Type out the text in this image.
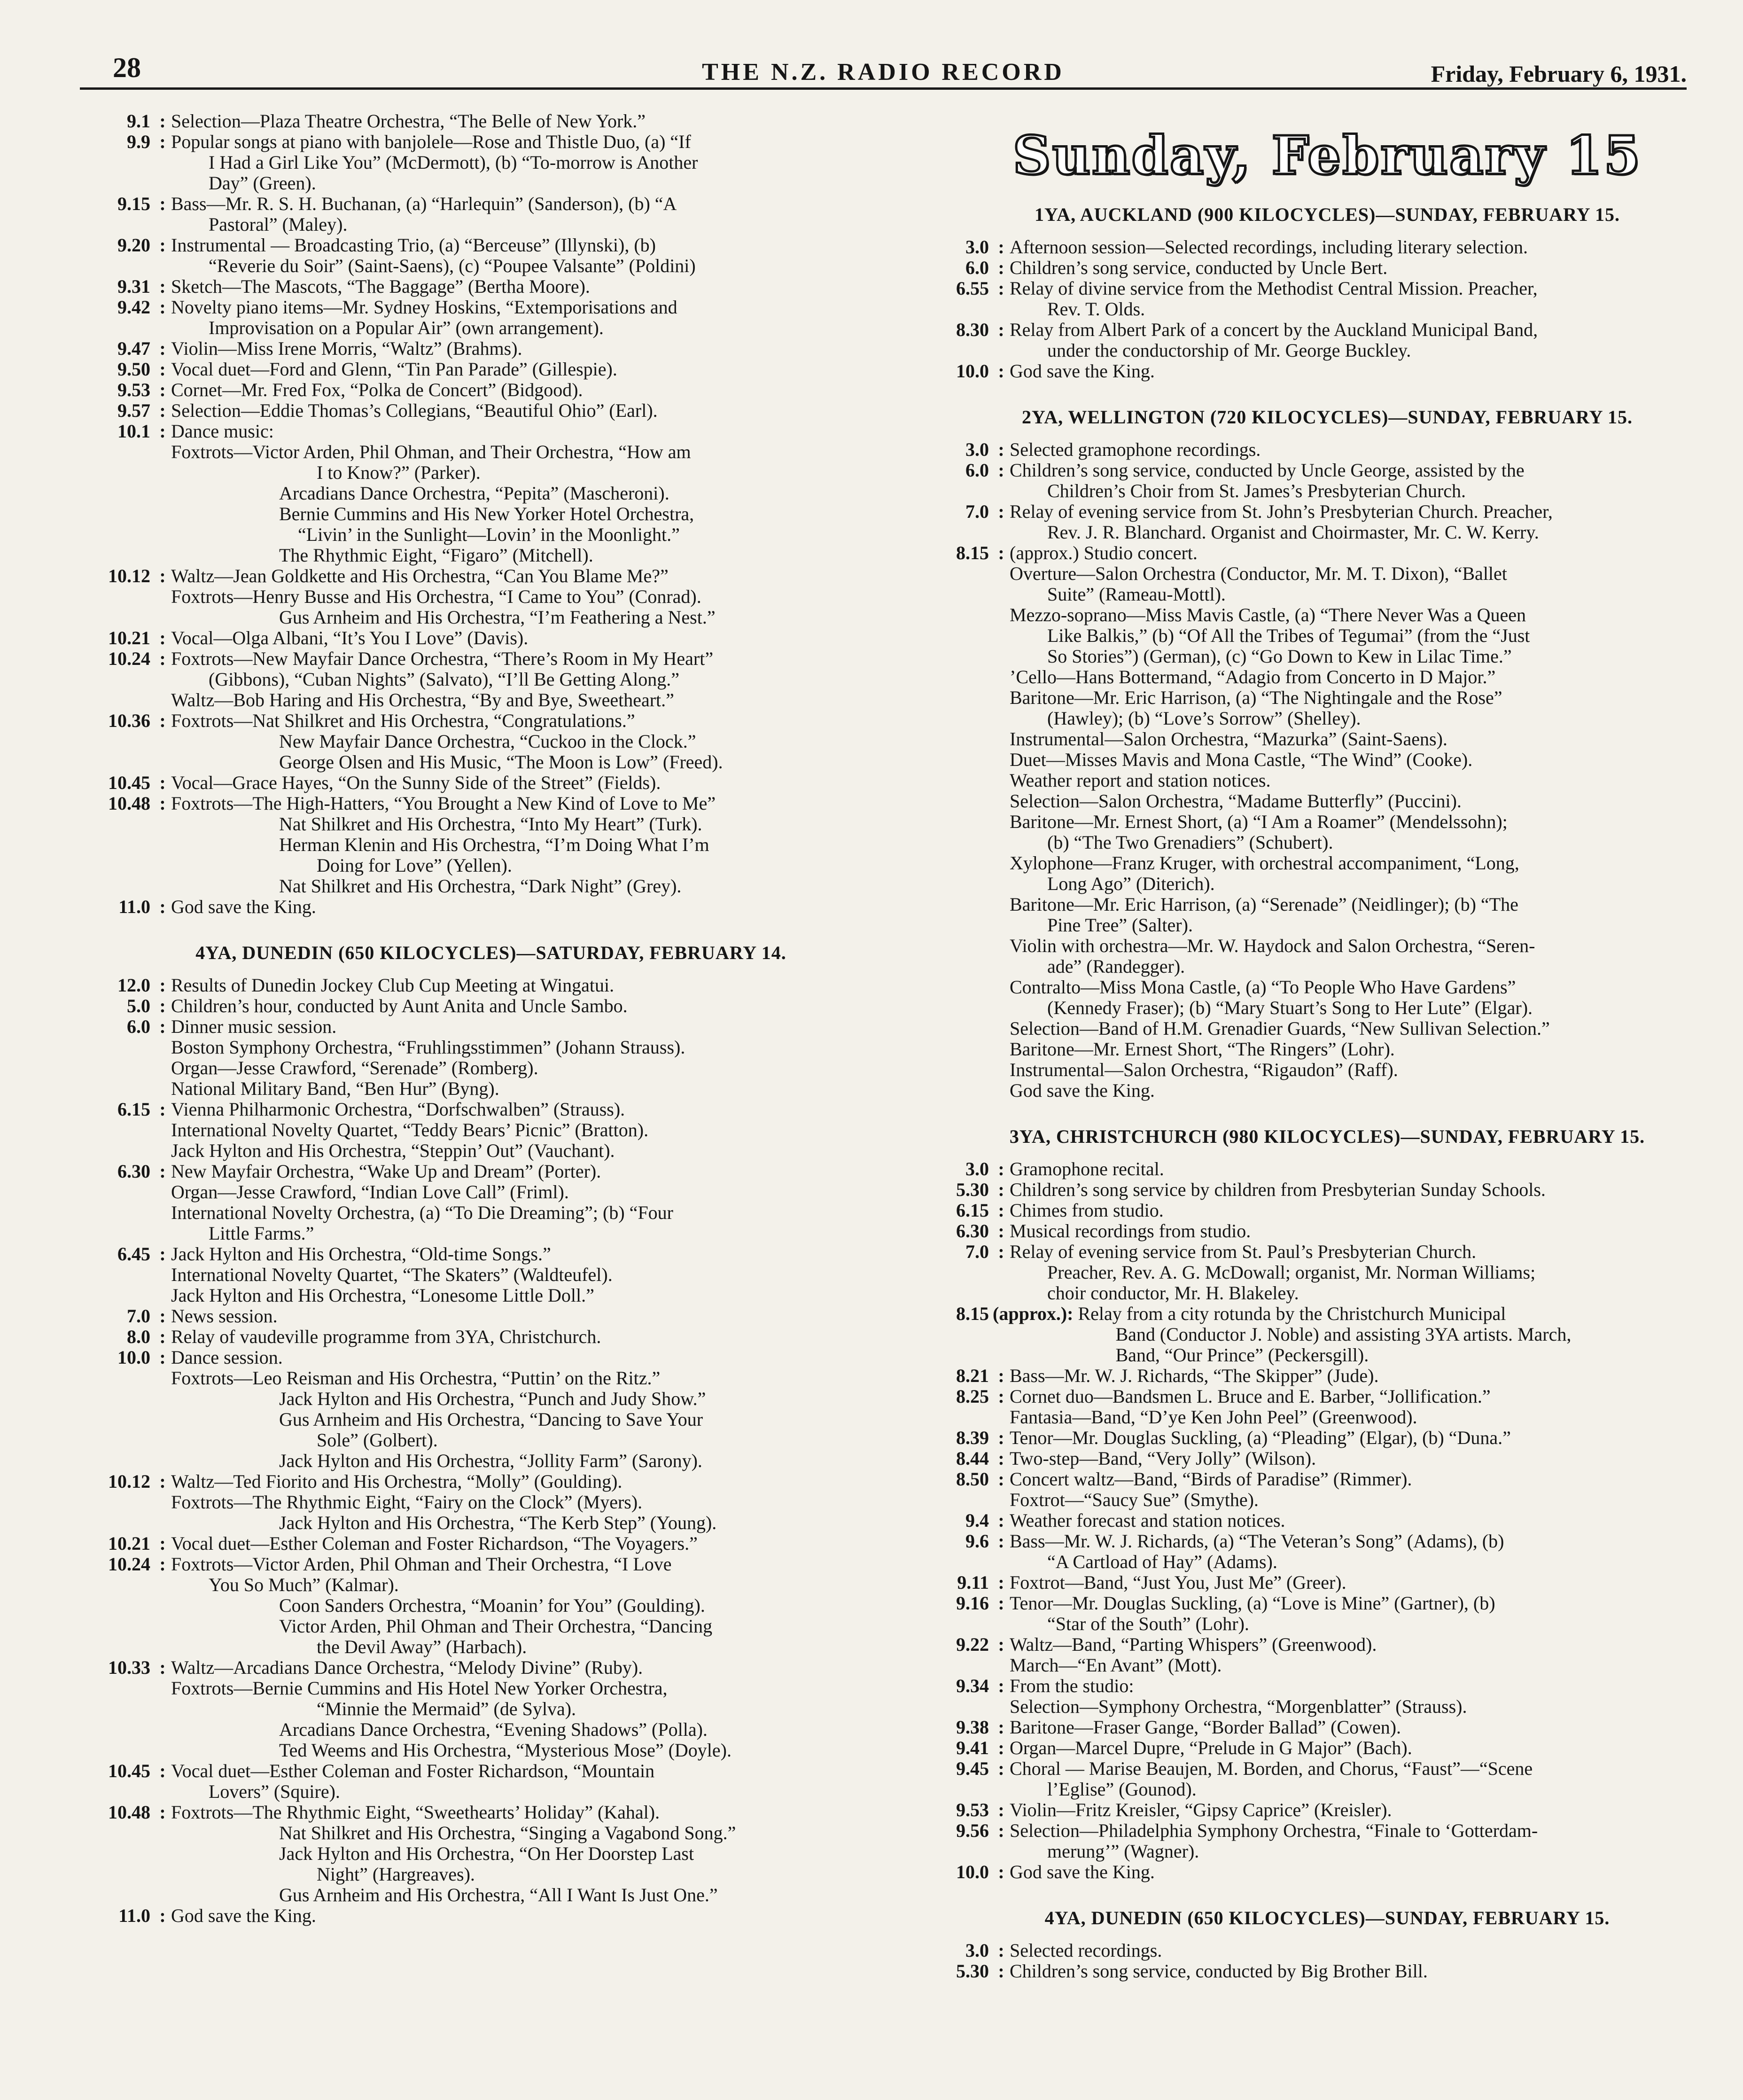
28	THE N.Z. RADIO RECORD	Friday, February 6, 1931.
9.1 : Selection—Plaza Theatre Orchestra, “The Belle of New York.”
9.9 : Popular songs at piano with banjolele—Rose and Thistle Duo, (a) “If
I Had a Girl Like You” (McDermott), (b) “To-morrow is Another
Day” (Green).
9.15 : Bass—Mr. R. S. H. Buchanan, (a) “Harlequin” (Sanderson), (b) “A
Pastoral” (Maley).
9.20 : Instrumental — Broadcasting Trio, (a) “Berceuse” (Illynski), (b)
“Reverie du Soir” (Saint-Saens), (c) “Poupee Valsante” (Poldini)
9.31 : Sketch—The Mascots, “The Baggage” (Bertha Moore).
9.42 : Novelty piano items—Mr. Sydney Hoskins, “Extemporisations and
Improvisation on a Popular Air” (own arrangement).
9.47 : Violin—Miss Irene Morris, “Waltz” (Brahms).
9.50 : Vocal duet—Ford and Glenn, “Tin Pan Parade” (Gillespie).
9.53 : Cornet—Mr. Fred Fox, “Polka de Concert” (Bidgood).
9.57 : Selection—Eddie Thomas’s Collegians, “Beautiful Ohio” (Earl).
10.1 : Dance music:
Foxtrots—Victor Arden, Phil Ohman, and Their Orchestra, “How am
I to Know?” (Parker).
Arcadians Dance Orchestra, “Pepita” (Mascheroni).
Bernie Cummins and His New Yorker Hotel Orchestra,
“Livin’ in the Sunlight—Lovin’ in the Moonlight.”
The Rhythmic Eight, “Figaro” (Mitchell).
10.12 : Waltz—Jean Goldkette and His Orchestra, “Can You Blame Me?”
Foxtrots—Henry Busse and His Orchestra, “I Came to You” (Conrad).
Gus Arnheim and His Orchestra, “I’m Feathering a Nest.”
10.21 : Vocal—Olga Albani, “It’s You I Love” (Davis).
10.24 : Foxtrots—New Mayfair Dance Orchestra, “There’s Room in My Heart”
(Gibbons), “Cuban Nights” (Salvato), “I’ll Be Getting Along.”
Waltz—Bob Haring and His Orchestra, “By and Bye, Sweetheart.”
10.36 : Foxtrots—Nat Shilkret and His Orchestra, “Congratulations.”
New Mayfair Dance Orchestra, “Cuckoo in the Clock.”
George Olsen and His Music, “The Moon is Low” (Freed).
10.45 : Vocal—Grace Hayes, “On the Sunny Side of the Street” (Fields).
10.48 : Foxtrots—The High-Hatters, “You Brought a New Kind of Love to Me”
Nat Shilkret and His Orchestra, “Into My Heart” (Turk).
Herman Klenin and His Orchestra, “I’m Doing What I’m
Doing for Love” (Yellen).
Nat Shilkret and His Orchestra, “Dark Night” (Grey).
11.0 : God save the King.
4YA, DUNEDIN (650 KILOCYCLES)—SATURDAY, FEBRUARY 14.
12.0 : Results of Dunedin Jockey Club Cup Meeting at Wingatui.
5.0 : Children’s hour, conducted by Aunt Anita and Uncle Sambo.
6.0 : Dinner music session.
Boston Symphony Orchestra, “Fruhlingsstimmen” (Johann Strauss).
Organ—Jesse Crawford, “Serenade” (Romberg).
National Military Band, “Ben Hur” (Byng).
6.15 : Vienna Philharmonic Orchestra, “Dorfschwalben” (Strauss).
International Novelty Quartet, “Teddy Bears’ Picnic” (Bratton).
Jack Hylton and His Orchestra, “Steppin’ Out” (Vauchant).
6.30 : New Mayfair Orchestra, “Wake Up and Dream” (Porter).
Organ—Jesse Crawford, “Indian Love Call” (Friml).
International Novelty Orchestra, (a) “To Die Dreaming”; (b) “Four
Little Farms.”
6.45 : Jack Hylton and His Orchestra, “Old-time Songs.”
International Novelty Quartet, “The Skaters” (Waldteufel).
Jack Hylton and His Orchestra, “Lonesome Little Doll.”
7.0 : News session.
8.0 : Relay of vaudeville programme from 3YA, Christchurch.
10.0 : Dance session.
Foxtrots—Leo Reisman and His Orchestra, “Puttin’ on the Ritz.”
Jack Hylton and His Orchestra, “Punch and Judy Show.”
Gus Arnheim and His Orchestra, “Dancing to Save Your
Sole” (Golbert).
Jack Hylton and His Orchestra, “Jollity Farm” (Sarony).
10.12 : Waltz—Ted Fiorito and His Orchestra, “Molly” (Goulding).
Foxtrots—The Rhythmic Eight, “Fairy on the Clock” (Myers).
Jack Hylton and His Orchestra, “The Kerb Step” (Young).
10.21 : Vocal duet—Esther Coleman and Foster Richardson, “The Voyagers.”
10.24 : Foxtrots—Victor Arden, Phil Ohman and Their Orchestra, “I Love
You So Much” (Kalmar).
Coon Sanders Orchestra, “Moanin’ for You” (Goulding).
Victor Arden, Phil Ohman and Their Orchestra, “Dancing
the Devil Away” (Harbach).
10.33 : Waltz—Arcadians Dance Orchestra, “Melody Divine” (Ruby).
Foxtrots—Bernie Cummins and His Hotel New Yorker Orchestra,
“Minnie the Mermaid” (de Sylva).
Arcadians Dance Orchestra, “Evening Shadows” (Polla).
Ted Weems and His Orchestra, “Mysterious Mose” (Doyle).
10.45 : Vocal duet—Esther Coleman and Foster Richardson, “Mountain
Lovers” (Squire).
10.48 : Foxtrots—The Rhythmic Eight, “Sweethearts’ Holiday” (Kahal).
Nat Shilkret and His Orchestra, “Singing a Vagabond Song.”
Jack Hylton and His Orchestra, “On Her Doorstep Last
Night” (Hargreaves).
Gus Arnheim and His Orchestra, “All I Want Is Just One.”
11.0 : God save the King.
Sunday, February 15
1YA, AUCKLAND (900 KILOCYCLES)—SUNDAY, FEBRUARY 15.
3.0 : Afternoon session—Selected recordings, including literary selection.
6.0 : Children’s song service, conducted by Uncle Bert.
6.55 : Relay of divine service from the Methodist Central Mission. Preacher,
Rev. T. Olds.
8.30 : Relay from Albert Park of a concert by the Auckland Municipal Band,
under the conductorship of Mr. George Buckley.
10.0 : God save the King.
2YA, WELLINGTON (720 KILOCYCLES)—SUNDAY, FEBRUARY 15.
3.0 : Selected gramophone recordings.
6.0 : Children’s song service, conducted by Uncle George, assisted by the
Children’s Choir from St. James’s Presbyterian Church.
7.0 : Relay of evening service from St. John’s Presbyterian Church. Preacher,
Rev. J. R. Blanchard. Organist and Choirmaster, Mr. C. W. Kerry.
8.15 : (approx.) Studio concert.
Overture—Salon Orchestra (Conductor, Mr. M. T. Dixon), “Ballet
Suite” (Rameau-Mottl).
Mezzo-soprano—Miss Mavis Castle, (a) “There Never Was a Queen
Like Balkis,” (b) “Of All the Tribes of Tegumai” (from the “Just
So Stories”) (German), (c) “Go Down to Kew in Lilac Time.”
’Cello—Hans Bottermand, “Adagio from Concerto in D Major.”
Baritone—Mr. Eric Harrison, (a) “The Nightingale and the Rose”
(Hawley); (b) “Love’s Sorrow” (Shelley).
Instrumental—Salon Orchestra, “Mazurka” (Saint-Saens).
Duet—Misses Mavis and Mona Castle, “The Wind” (Cooke).
Weather report and station notices.
Selection—Salon Orchestra, “Madame Butterfly” (Puccini).
Baritone—Mr. Ernest Short, (a) “I Am a Roamer” (Mendelssohn);
(b) “The Two Grenadiers” (Schubert).
Xylophone—Franz Kruger, with orchestral accompaniment, “Long,
Long Ago” (Diterich).
Baritone—Mr. Eric Harrison, (a) “Serenade” (Neidlinger); (b) “The
Pine Tree” (Salter).
Violin with orchestra—Mr. W. Haydock and Salon Orchestra, “Seren-
ade” (Randegger).
Contralto—Miss Mona Castle, (a) “To People Who Have Gardens”
(Kennedy Fraser); (b) “Mary Stuart’s Song to Her Lute” (Elgar).
Selection—Band of H.M. Grenadier Guards, “New Sullivan Selection.”
Baritone—Mr. Ernest Short, “The Ringers” (Lohr).
Instrumental—Salon Orchestra, “Rigaudon” (Raff).
God save the King.
3YA, CHRISTCHURCH (980 KILOCYCLES)—SUNDAY, FEBRUARY 15.
3.0 : Gramophone recital.
5.30 : Children’s song service by children from Presbyterian Sunday Schools.
6.15 : Chimes from studio.
6.30 : Musical recordings from studio.
7.0 : Relay of evening service from St. Paul’s Presbyterian Church.
Preacher, Rev. A. G. McDowall; organist, Mr. Norman Williams;
choir conductor, Mr. H. Blakeley.
8.15 (approx.): Relay from a city rotunda by the Christchurch Municipal
Band (Conductor J. Noble) and assisting 3YA artists. March,
Band, “Our Prince” (Peckersgill).
8.21 : Bass—Mr. W. J. Richards, “The Skipper” (Jude).
8.25 : Cornet duo—Bandsmen L. Bruce and E. Barber, “Jollification.”
Fantasia—Band, “D’ye Ken John Peel” (Greenwood).
8.39 : Tenor—Mr. Douglas Suckling, (a) “Pleading” (Elgar), (b) “Duna.”
8.44 : Two-step—Band, “Very Jolly” (Wilson).
8.50 : Concert waltz—Band, “Birds of Paradise” (Rimmer).
Foxtrot—“Saucy Sue” (Smythe).
9.4 : Weather forecast and station notices.
9.6 : Bass—Mr. W. J. Richards, (a) “The Veteran’s Song” (Adams), (b)
“A Cartload of Hay” (Adams).
9.11 : Foxtrot—Band, “Just You, Just Me” (Greer).
9.16 : Tenor—Mr. Douglas Suckling, (a) “Love is Mine” (Gartner), (b)
“Star of the South” (Lohr).
9.22 : Waltz—Band, “Parting Whispers” (Greenwood).
March—“En Avant” (Mott).
9.34 : From the studio:
Selection—Symphony Orchestra, “Morgenblatter” (Strauss).
9.38 : Baritone—Fraser Gange, “Border Ballad” (Cowen).
9.41 : Organ—Marcel Dupre, “Prelude in G Major” (Bach).
9.45 : Choral — Marise Beaujen, M. Borden, and Chorus, “Faust”—“Scene
l’Eglise” (Gounod).
9.53 : Violin—Fritz Kreisler, “Gipsy Caprice” (Kreisler).
9.56 : Selection—Philadelphia Symphony Orchestra, “Finale to ‘Gotterdam-
merung’” (Wagner).
10.0 : God save the King.
4YA, DUNEDIN (650 KILOCYCLES)—SUNDAY, FEBRUARY 15.
3.0 : Selected recordings.
5.30 : Children’s song service, conducted by Big Brother Bill.
